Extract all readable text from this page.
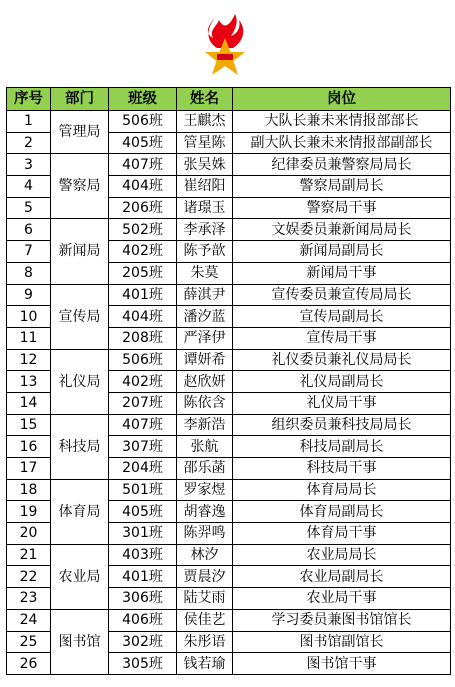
序号	部门	班级	姓名	岗位
1	管理局	506班	王麒杰	大队长兼未来情报部部长
2		405班	管星陈	副大队长兼未来情报部副部长
3	警察局	407班	张吴姝	纪律委员兼警察局局长
4		404班	崔绍阳	警察局副局长
5		206班	诸璟玉	警察局干事
6	新闻局	502班	李承泽	文娱委员兼新闻局局长
7		402班	陈予歆	新闻局副局长
8		205班	朱莫	新闻局干事
9	宣传局	401班	薛淇尹	宣传委员兼宣传局局长
10		404班	潘汐蓝	宣传局副局长
11		208班	严泽伊	宣传局干事
12	礼仪局	506班	谭妍希	礼仪委员兼礼仪局局长
13		402班	赵欣妍	礼仪局副局长
14		207班	陈依含	礼仪局干事
15	科技局	407班	李新浩	组织委员兼科技局局长
16		307班	张航	科技局副局长
17		204班	邵乐菡	科技局干事
18	体育局	501班	罗家煜	体育局局长
19		405班	胡睿逸	体育局副局长
20		301班	陈羿鸣	体育局干事
21	农业局	403班	林汐	农业局局长
22		401班	贾晨汐	农业局副局长
23		306班	陆艾雨	农业局干事
24	图书馆	406班	侯佳艺	学习委员兼图书馆馆长
25		302班	朱彤语	图书馆副馆长
26		305班	钱若瑜	图书馆干事
